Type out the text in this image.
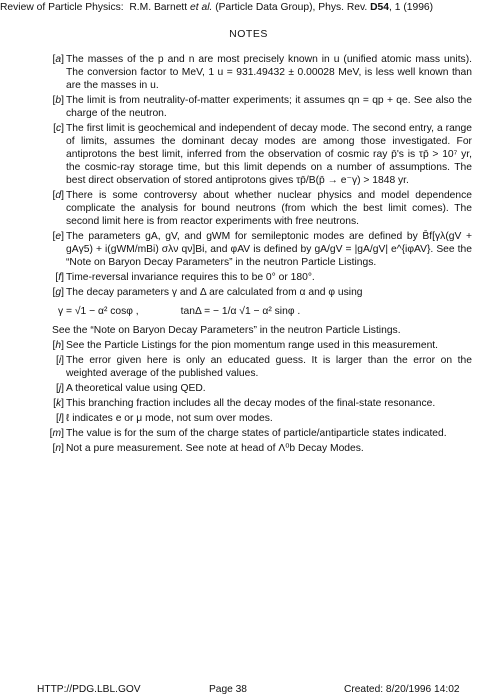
Review of Particle Physics: R.M. Barnett et al. (Particle Data Group), Phys. Rev. D54, 1 (1996)
NOTES
[a] The masses of the p and n are most precisely known in u (unified atomic mass units). The conversion factor to MeV, 1 u = 931.49432 ± 0.00028 MeV, is less well known than are the masses in u.

[b] The limit is from neutrality-of-matter experiments; it assumes qn = qp + qe. See also the charge of the neutron.

[c] The first limit is geochemical and independent of decay mode. The second entry, a range of limits, assumes the dominant decay modes are among those investigated. For antiprotons the best limit, inferred from the observation of cosmic ray p̄'s is τp̄ > 10⁷ yr, the cosmic-ray storage time, but this limit depends on a number of assumptions. The best direct observation of stored antiprotons gives τp̄/B(p̄ → e⁻γ) > 1848 yr.

[d] There is some controversy about whether nuclear physics and model dependence complicate the analysis for bound neutrons (from which the best limit comes). The second limit here is from reactor experiments with free neutrons.

[e] The parameters gA, gV, and gWM for semileptonic modes are defined by B̄f[γλ(gV + gAγ5) + i(gWM/mBi) σλν qν]Bi, and φAV is defined by gA/gV = |gA/gV| e^{iφAV}. See the “Note on Baryon Decay Parameters” in the neutron Particle Listings.

[f] Time-reversal invariance requires this to be 0° or 180°.

[g] The decay parameters γ and Δ are calculated from α and φ using

γ = √1 − α² cosφ ,	tanΔ = − 1/α √1 − α² sinφ .
See the “Note on Baryon Decay Parameters” in the neutron Particle Listings.
[h] See the Particle Listings for the pion momentum range used in this measurement.

[i] The error given here is only an educated guess. It is larger than the error on the weighted average of the published values.

[j] A theoretical value using QED.

[k] This branching fraction includes all the decay modes of the final-state resonance.

[l] ℓ indicates e or μ mode, not sum over modes.

[m] The value is for the sum of the charge states of particle/antiparticle states indicated.

[n] Not a pure measurement. See note at head of Λ⁰b Decay Modes.

HTTP://PDG.LBL.GOV	Page 38	Created: 8/20/1996 14:02
